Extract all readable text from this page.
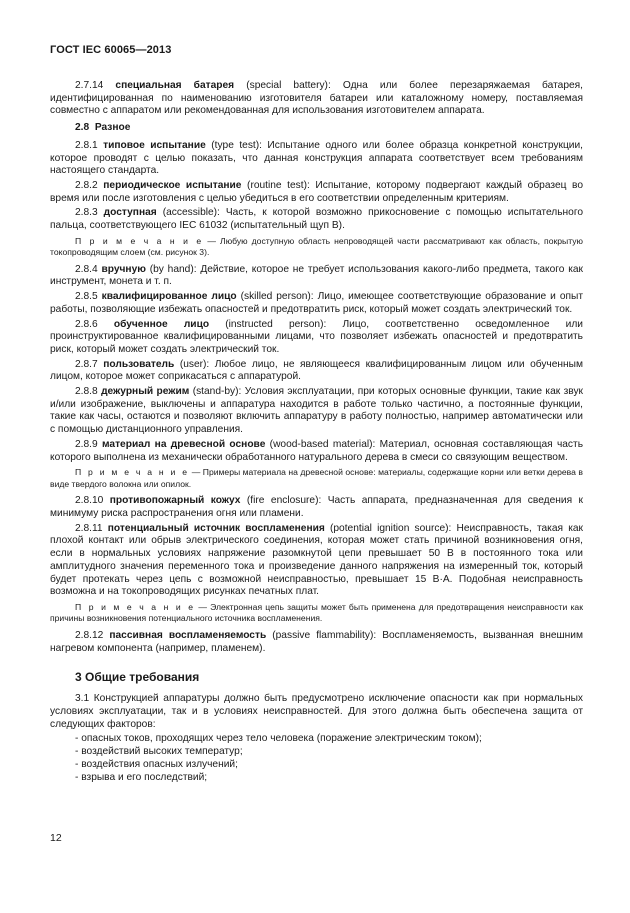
ГОСТ IEC 60065—2013

2.7.14 специальная батарея (special battery): Одна или более перезаряжаемая батарея, идентифицированная по наименованию изготовителя батареи или каталожному номеру, поставляемая совместно с аппаратом или рекомендованная для использования изготовителем аппарата.

2.8 Разное

2.8.1 типовое испытание (type test): Испытание одного или более образца конкретной конструкции, которое проводят с целью показать, что данная конструкция аппарата соответствует всем требованиям настоящего стандарта.

2.8.2 периодическое испытание (routine test): Испытание, которому подвергают каждый образец во время или после изготовления с целью убедиться в его соответствии определенным критериям.

2.8.3 доступная (accessible): Часть, к которой возможно прикосновение с помощью испытательного пальца, соответствующего IEC 61032 (испытательный щуп В).

П р и м е ч а н и е — Любую доступную область непроводящей части рассматривают как область, покрытую токопроводящим слоем (см. рисунок 3).

2.8.4 вручную (by hand): Действие, которое не требует использования какого-либо предмета, такого как инструмент, монета и т. п.

2.8.5 квалифицированное лицо (skilled person): Лицо, имеющее соответствующие образование и опыт работы, позволяющие избежать опасностей и предотвратить риск, который может создать электрический ток.

2.8.6 обученное лицо (instructed person): Лицо, соответственно осведомленное или проинструктированное квалифицированными лицами, что позволяет избежать опасностей и предотвратить риск, который может создать электрический ток.

2.8.7 пользователь (user): Любое лицо, не являющееся квалифицированным лицом или обученным лицом, которое может соприкасаться с аппаратурой.

2.8.8 дежурный режим (stand-by): Условия эксплуатации, при которых основные функции, такие как звук и/или изображение, выключены и аппаратура находится в работе только частично, а постоянные функции, такие как часы, остаются и позволяют включить аппаратуру в работу полностью, например автоматически или с помощью дистанционного управления.

2.8.9 материал на древесной основе (wood-based material): Материал, основная составляющая часть которого выполнена из механически обработанного натурального дерева в смеси со связующим веществом.

П р и м е ч а н и е — Примеры материала на древесной основе: материалы, содержащие корни или ветки дерева в виде твердого волокна или опилок.

2.8.10 противопожарный кожух (fire enclosure): Часть аппарата, предназначенная для сведения к минимуму риска распространения огня или пламени.

2.8.11 потенциальный источник воспламенения (potential ignition source): Неисправность, такая как плохой контакт или обрыв электрического соединения, которая может стать причиной возникновения огня, если в нормальных условиях напряжение разомкнутой цепи превышает 50 В в постоянного тока или амплитудного значения переменного тока и произведение данного напряжения на измеренный ток, который будет протекать через цепь с возможной неисправностью, превышает 15 В·А. Подобная неисправность возможна и на токопроводящих рисунках печатных плат.

П р и м е ч а н и е — Электронная цепь защиты может быть применена для предотвращения неисправности как причины возникновения потенциального источника воспламенения.

2.8.12 пассивная воспламеняемость (passive flammability): Воспламеняемость, вызванная внешним нагревом компонента (например, пламенем).

3 Общие требования

3.1 Конструкцией аппаратуры должно быть предусмотрено исключение опасности как при нормальных условиях эксплуатации, так и в условиях неисправностей. Для этого должна быть обеспечена защита от следующих факторов:

- опасных токов, проходящих через тело человека (поражение электрическим током);
- воздействий высоких температур;
- воздействия опасных излучений;
- взрыва и его последствий;
12
